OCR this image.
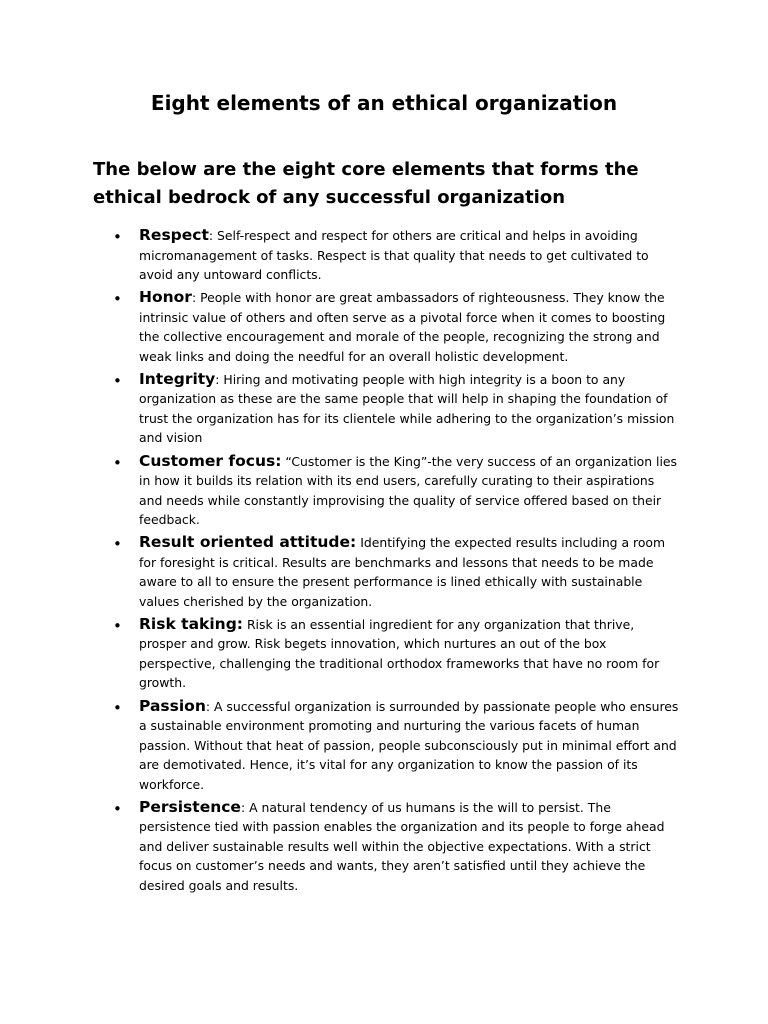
Eight elements of an ethical organization
The below are the eight core elements that forms the ethical bedrock of any successful organization
• Respect: Self-respect and respect for others are critical and helps in avoiding micromanagement of tasks. Respect is that quality that needs to get cultivated to avoid any untoward conflicts.
• Honor: People with honor are great ambassadors of righteousness. They know the intrinsic value of others and often serve as a pivotal force when it comes to boosting the collective encouragement and morale of the people, recognizing the strong and weak links and doing the needful for an overall holistic development.
• Integrity: Hiring and motivating people with high integrity is a boon to any organization as these are the same people that will help in shaping the foundation of trust the organization has for its clientele while adhering to the organization’s mission and vision
• Customer focus: “Customer is the King”-the very success of an organization lies in how it builds its relation with its end users, carefully curating to their aspirations and needs while constantly improvising the quality of service offered based on their feedback.
• Result oriented attitude: Identifying the expected results including a room for foresight is critical. Results are benchmarks and lessons that needs to be made aware to all to ensure the present performance is lined ethically with sustainable values cherished by the organization.
• Risk taking: Risk is an essential ingredient for any organization that thrive, prosper and grow. Risk begets innovation, which nurtures an out of the box perspective, challenging the traditional orthodox frameworks that have no room for growth.
• Passion: A successful organization is surrounded by passionate people who ensures a sustainable environment promoting and nurturing the various facets of human passion. Without that heat of passion, people subconsciously put in minimal effort and are demotivated. Hence, it’s vital for any organization to know the passion of its workforce.
• Persistence: A natural tendency of us humans is the will to persist. The persistence tied with passion enables the organization and its people to forge ahead and deliver sustainable results well within the objective expectations. With a strict focus on customer’s needs and wants, they aren’t satisfied until they achieve the desired goals and results.
